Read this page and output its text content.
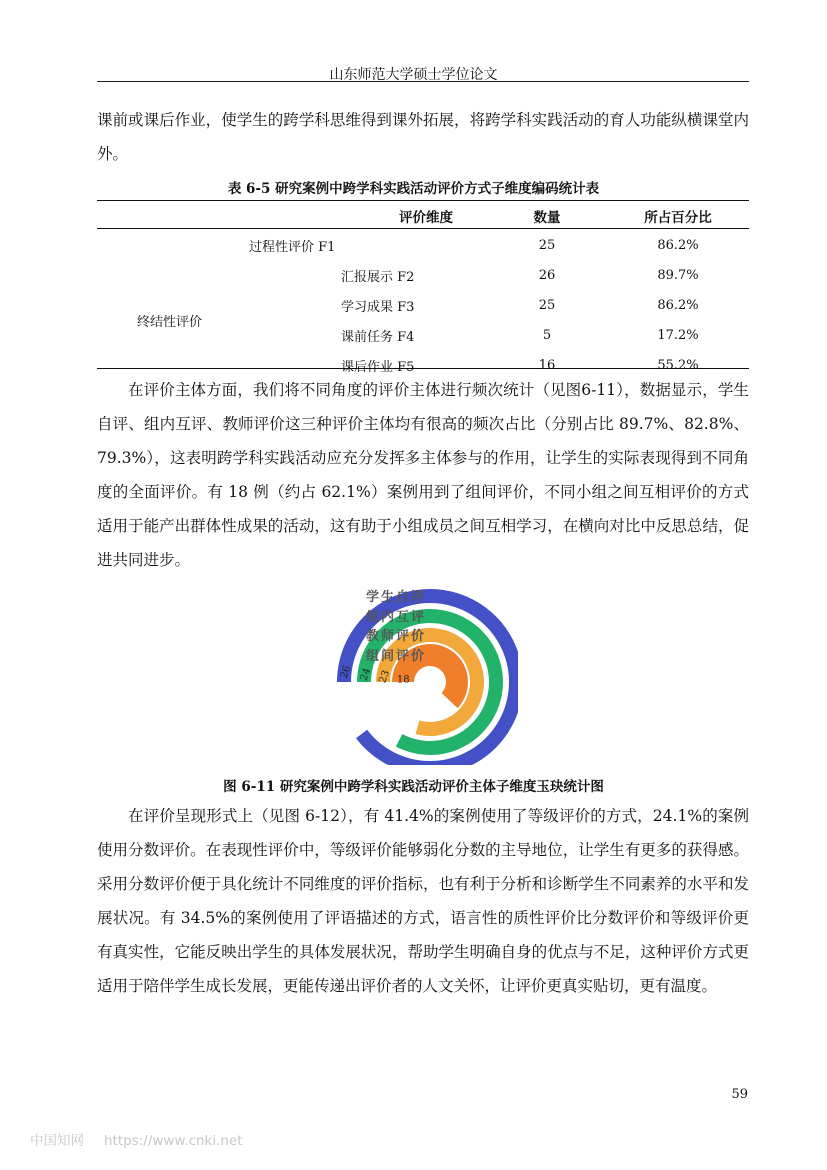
山东师范大学硕士学位论文

课前或课后作业，使学生的跨学科思维得到课外拓展，将跨学科实践活动的育人功能纵横课堂内外。

表 6-5 研究案例中跨学科实践活动评价方式子维度编码统计表
评价维度		数量	所占百分比
过程性评价 F1		25	86.2%
终结性评价	汇报展示 F2	26	89.7%
	学习成果 F3	25	86.2%
	课前任务 F4	5	17.2%
	课后作业 F5	16	55.2%

在评价主体方面，我们将不同角度的评价主体进行频次统计（见图6-11），数据显示，学生自评、组内互评、教师评价这三种评价主体均有很高的频次占比（分别占比 89.7%、82.8%、79.3%），这表明跨学科实践活动应充分发挥多主体参与的作用，让学生的实际表现得到不同角度的全面评价。有 18 例（约占 62.1%）案例用到了组间评价，不同小组之间互相评价的方式适用于能产出群体性成果的活动，这有助于小组成员之间互相学习，在横向对比中反思总结，促进共同进步。

学生自评
26
组内互评
24
教师评价
23
组间评价
18
图 6-11 研究案例中跨学科实践活动评价主体子维度玉玦统计图

在评价呈现形式上（见图 6-12），有 41.4%的案例使用了等级评价的方式，24.1%的案例使用分数评价。在表现性评价中，等级评价能够弱化分数的主导地位，让学生有更多的获得感。采用分数评价便于具化统计不同维度的评价指标，也有利于分析和诊断学生不同素养的水平和发展状况。有 34.5%的案例使用了评语描述的方式，语言性的质性评价比分数评价和等级评价更有真实性，它能反映出学生的具体发展状况，帮助学生明确自身的优点与不足，这种评价方式更适用于陪伴学生成长发展，更能传递出评价者的人文关怀，让评价更真实贴切，更有温度。

59
中国知网 https://www.cnki.net
